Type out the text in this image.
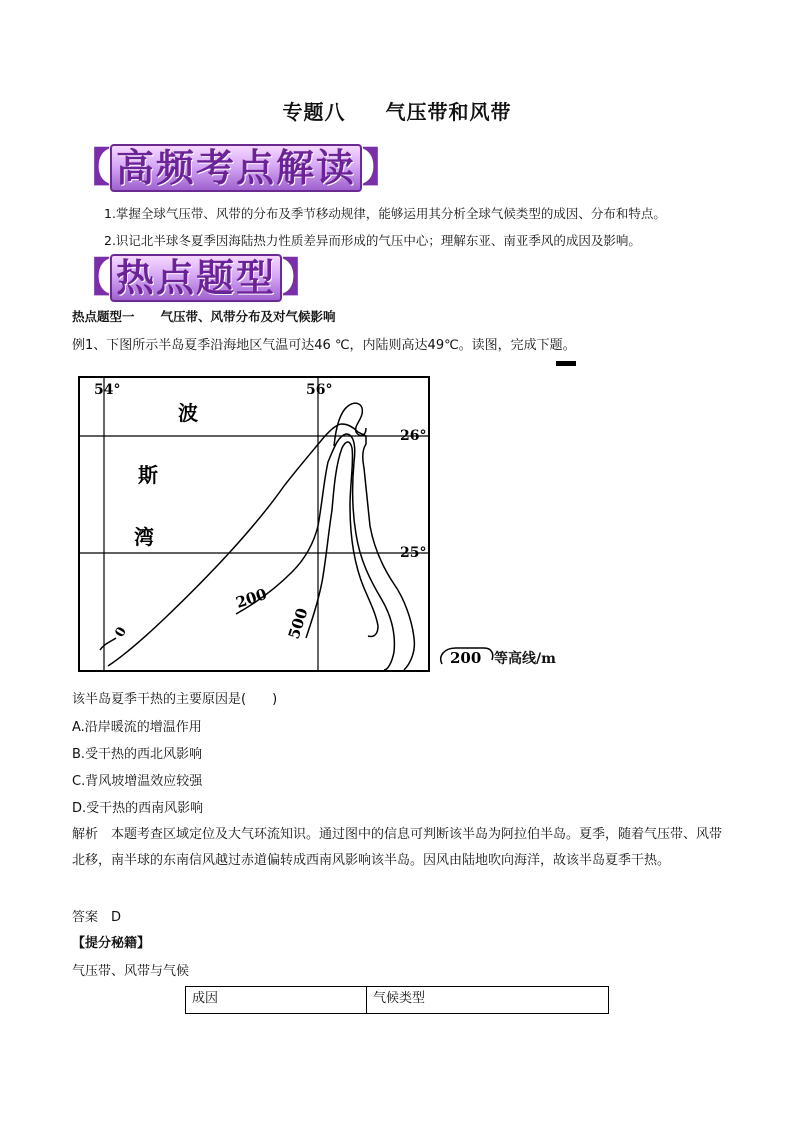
专题八 气压带和风带
【 高频考点解读 】
1.掌握全球气压带、风带的分布及季节移动规律，能够运用其分析全球气候类型的成因、分布和特点。
2.识记北半球冬夏季因海陆热力性质差异而形成的气压中心；理解东亚、南亚季风的成因及影响。
【 热点题型 】
热点题型一 气压带、风带分布及对气候影响
例1、下图所示半岛夏季沿海地区气温可达46 ℃，内陆则高达49℃。读图，完成下题。
54°	56°
26°
25°
波
斯
湾
200
500
0
200 等高线/m
该半岛夏季干热的主要原因是(　　)
A.沿岸暖流的增温作用
B.受干热的西北风影响
C.背风坡增温效应较强
D.受干热的西南风影响
解析　本题考查区域定位及大气环流知识。通过图中的信息可判断该半岛为阿拉伯半岛。夏季，随着气压带、风带北移，南半球的东南信风越过赤道偏转成西南风影响该半岛。因风由陆地吹向海洋，故该半岛夏季干热。
答案　D
【提分秘籍】
气压带、风带与气候
成因	气候类型
